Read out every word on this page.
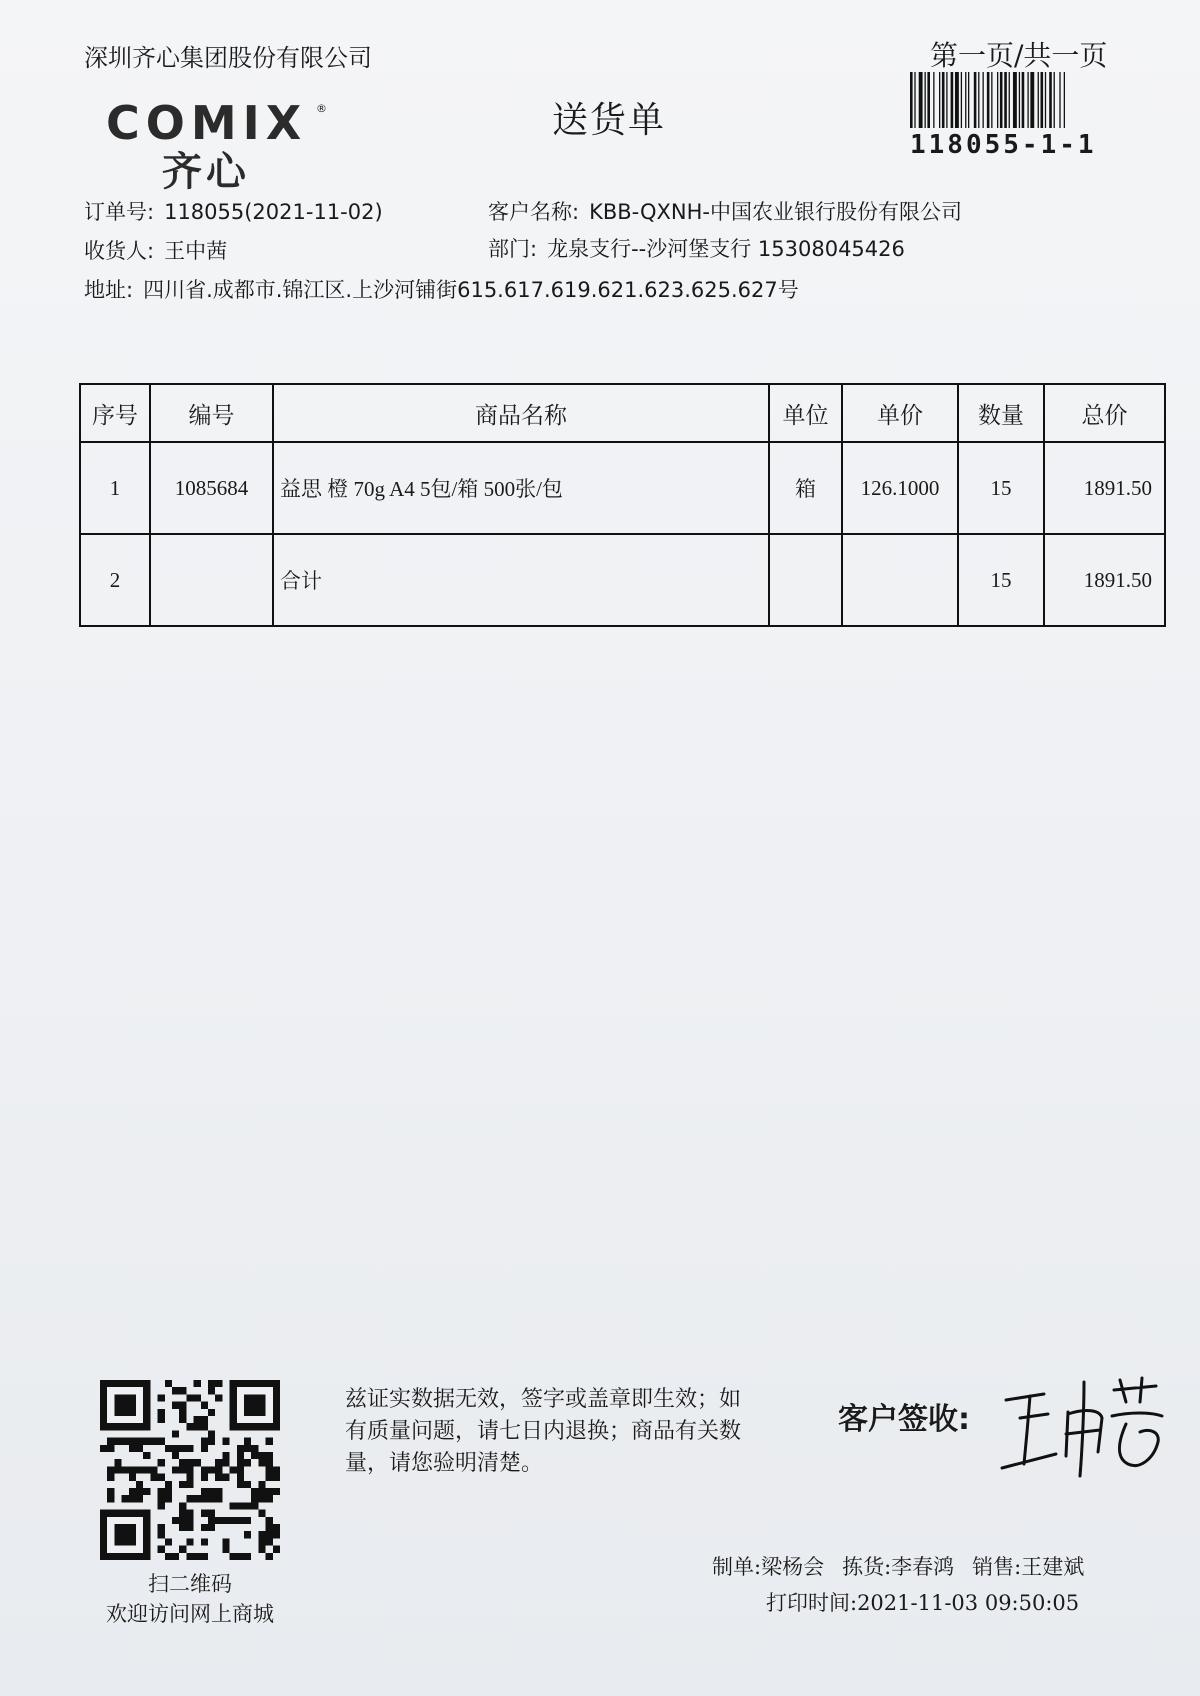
深圳齐心集团股份有限公司	第一页/共一页
送货单
118055-1-1
COMIX ®
齐心
订单号: 118055(2021-11-02)	客户名称: KBB-QXNH-中国农业银行股份有限公司
收货人: 王中茜	部门: 龙泉支行--沙河堡支行 15308045426
地址: 四川省.成都市.锦江区.上沙河铺街615.617.619.621.623.625.627号
序号	编号	商品名称	单位	单价	数量	总价
1	1085684	益思 橙 70g A4 5包/箱 500张/包	箱	126.1000	15	1891.50
2		合计			15	1891.50
扫二维码
欢迎访问网上商城
兹证实数据无效，签字或盖章即生效；如有质量问题，请七日内退换；商品有关数量，请您验明清楚。
客户签收:
制单:梁杨会 拣货:李春鸿 销售:王建斌
打印时间:2021-11-03 09:50:05
